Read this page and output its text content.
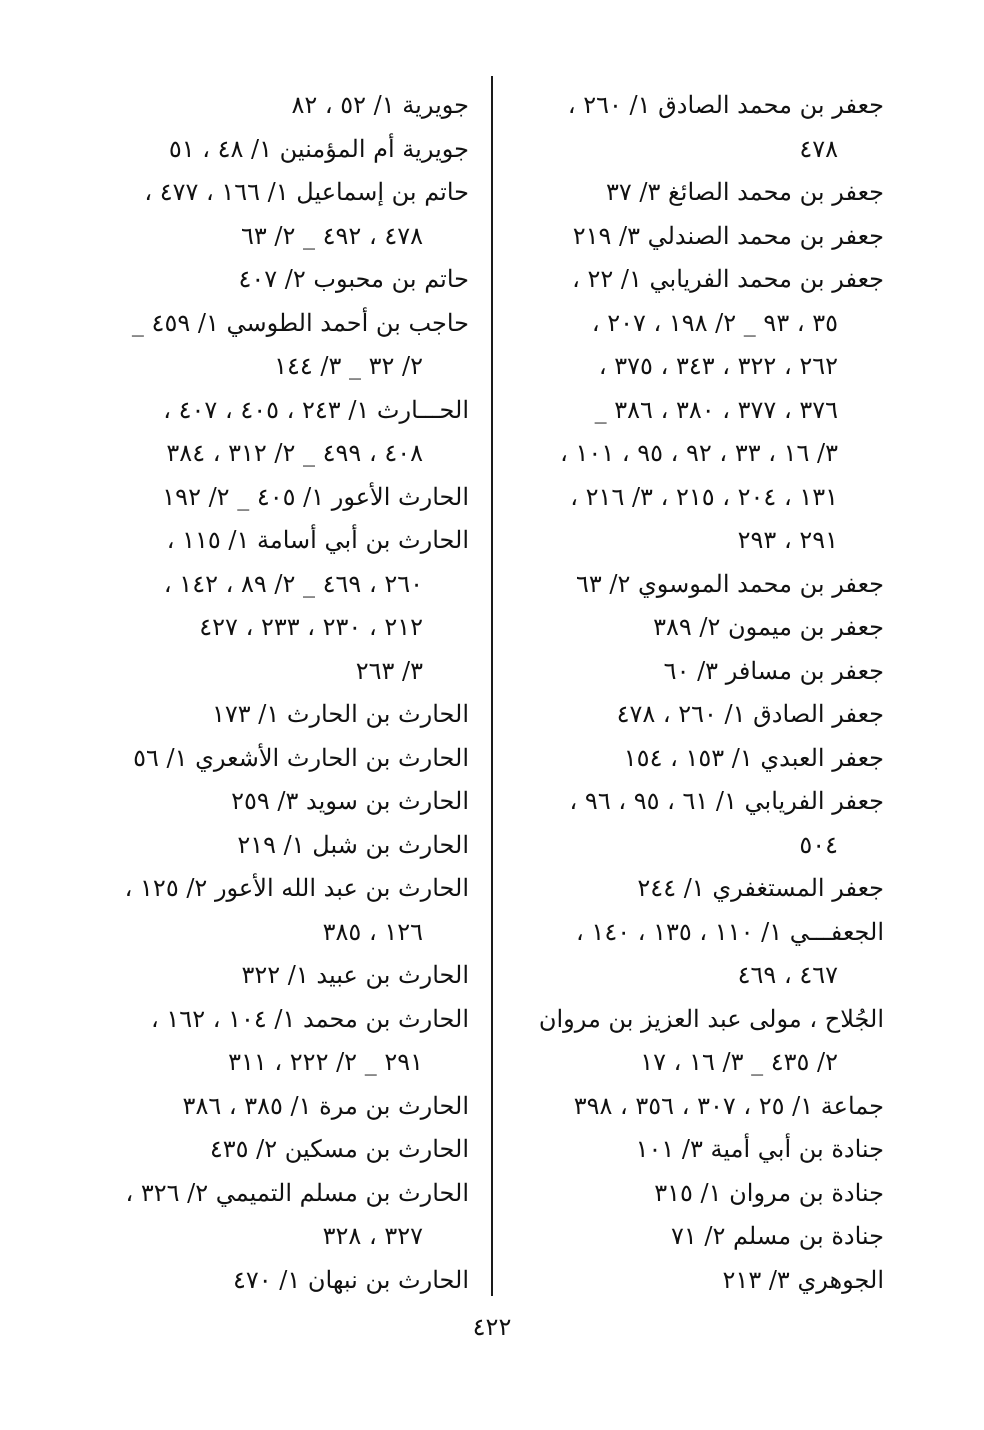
جعفر بن محمد الصادق ١/ ٢٦٠ ،
٤٧٨
جعفر بن محمد الصائغ ٣/ ٣٧
جعفر بن محمد الصندلي ٣/ ٢١٩
جعفر بن محمد الفريابي ١/ ٢٢ ،
٣٥ ، ٩٣ _ ٢/ ١٩٨ ، ٢٠٧ ،
٢٦٢ ، ٣٢٢ ، ٣٤٣ ، ٣٧٥ ،
٣٧٦ ، ٣٧٧ ، ٣٨٠ ، ٣٨٦ _
٣/ ١٦ ، ٣٣ ، ٩٢ ، ٩٥ ، ١٠١ ،
١٣١ ، ٢٠٤ ، ٢١٥ ، ٣/ ٢١٦ ،
٢٩١ ، ٢٩٣
جعفر بن محمد الموسوي ٢/ ٦٣
جعفر بن ميمون ٢/ ٣٨٩
جعفر بن مسافر ٣/ ٦٠
جعفر الصادق ١/ ٢٦٠ ، ٤٧٨
جعفر العبدي ١/ ١٥٣ ، ١٥٤
جعفر الفريابي ١/ ٦١ ، ٩٥ ، ٩٦ ،
٥٠٤
جعفر المستغفري ١/ ٢٤٤
الجعفـــي ١/ ١١٠ ، ١٣٥ ، ١٤٠ ،
٤٦٧ ، ٤٦٩
الجُلاح ، مولى عبد العزيز بن مروان
٢/ ٤٣٥ _ ٣/ ١٦ ، ١٧
جماعة ١/ ٢٥ ، ٣٠٧ ، ٣٥٦ ، ٣٩٨
جنادة بن أبي أمية ٣/ ١٠١
جنادة بن مروان ١/ ٣١٥
جنادة بن مسلم ٢/ ٧١
الجوهري ٣/ ٢١٣
جويرية ١/ ٥٢ ، ٨٢
جويرية أم المؤمنين ١/ ٤٨ ، ٥١
حاتم بن إسماعيل ١/ ١٦٦ ، ٤٧٧ ،
٤٧٨ ، ٤٩٢ _ ٢/ ٦٣
حاتم بن محبوب ٢/ ٤٠٧
حاجب بن أحمد الطوسي ١/ ٤٥٩ _
٢/ ٣٢ _ ٣/ ١٤٤
الحـــارث ١/ ٢٤٣ ، ٤٠٥ ، ٤٠٧ ،
٤٠٨ ، ٤٩٩ _ ٢/ ٣١٢ ، ٣٨٤
الحارث الأعور ١/ ٤٠٥ _ ٢/ ١٩٢
الحارث بن أبي أسامة ١/ ١١٥ ،
٢٦٠ ، ٤٦٩ _ ٢/ ٨٩ ، ١٤٢ ،
٢١٢ ، ٢٣٠ ، ٢٣٣ ، ٤٢٧
٣/ ٢٦٣
الحارث بن الحارث ١/ ١٧٣
الحارث بن الحارث الأشعري ١/ ٥٦
الحارث بن سويد ٣/ ٢٥٩
الحارث بن شبل ١/ ٢١٩
الحارث بن عبد الله الأعور ٢/ ١٢٥ ،
١٢٦ ، ٣٨٥
الحارث بن عبيد ١/ ٣٢٢
الحارث بن محمد ١/ ١٠٤ ، ١٦٢ ،
٢٩١ _ ٢/ ٢٢٢ ، ٣١١
الحارث بن مرة ١/ ٣٨٥ ، ٣٨٦
الحارث بن مسكين ٢/ ٤٣٥
الحارث بن مسلم التميمي ٢/ ٣٢٦ ،
٣٢٧ ، ٣٢٨
الحارث بن نبهان ١/ ٤٧٠
٤٢٢
